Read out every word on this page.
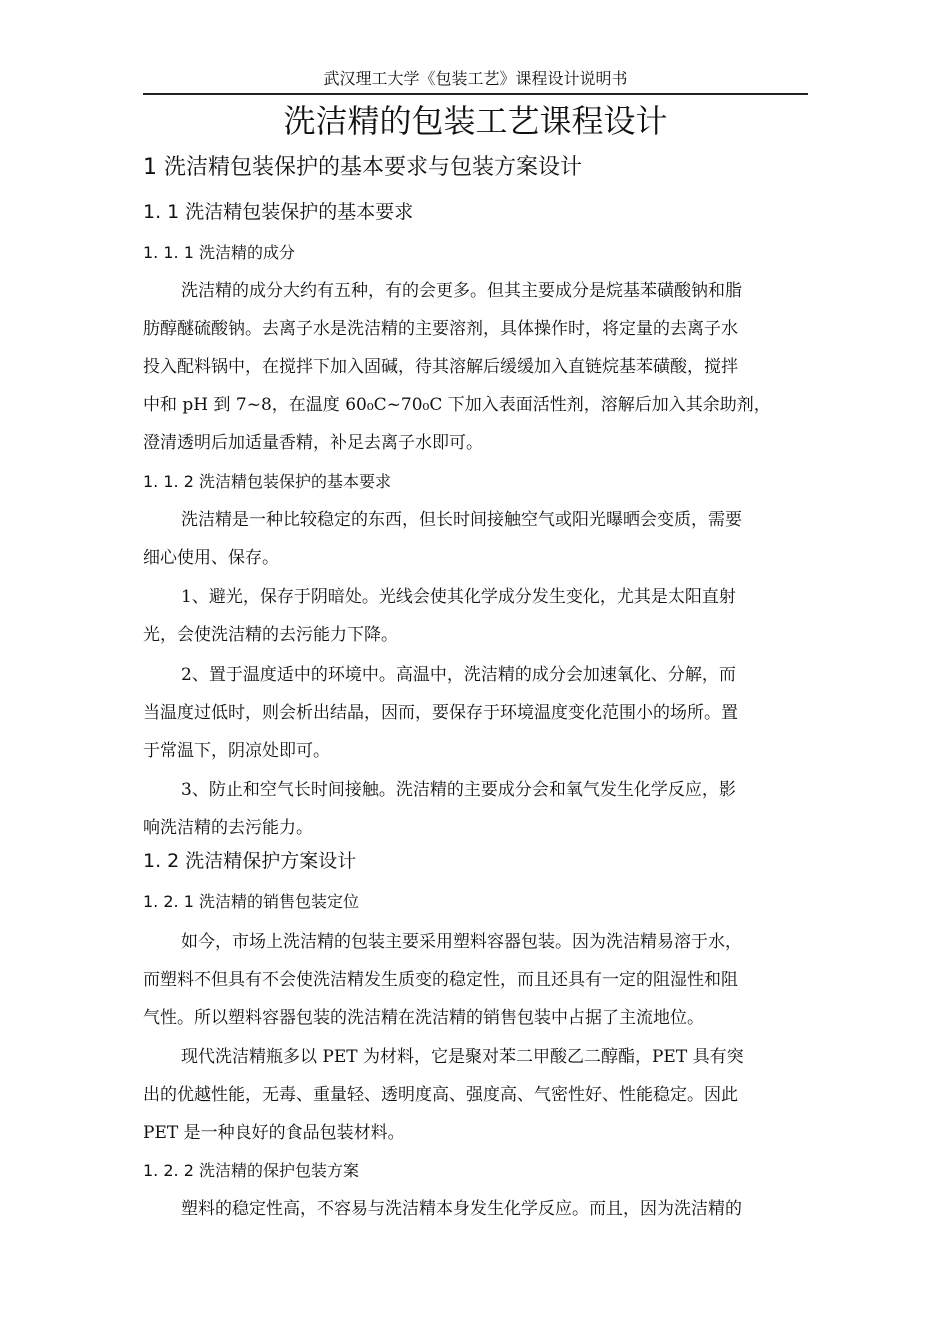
武汉理工大学《包装工艺》课程设计说明书
洗洁精的包装工艺课程设计
1 洗洁精包装保护的基本要求与包装方案设计
1. 1 洗洁精包装保护的基本要求
1. 1. 1 洗洁精的成分
洗洁精的成分大约有五种，有的会更多。但其主要成分是烷基苯磺酸钠和脂
肪醇醚硫酸钠。去离子水是洗洁精的主要溶剂，具体操作时，将定量的去离子水
投入配料锅中，在搅拌下加入固碱，待其溶解后缓缓加入直链烷基苯磺酸，搅拌
中和 pH 到 7~8，在温度 60₀C~70₀C 下加入表面活性剂，溶解后加入其余助剂，
澄清透明后加适量香精，补足去离子水即可。
1. 1. 2 洗洁精包装保护的基本要求
洗洁精是一种比较稳定的东西，但长时间接触空气或阳光曝晒会变质，需要
细心使用、保存。
1、避光，保存于阴暗处。光线会使其化学成分发生变化，尤其是太阳直射
光，会使洗洁精的去污能力下降。
2、置于温度适中的环境中。高温中，洗洁精的成分会加速氧化、分解，而
当温度过低时，则会析出结晶，因而，要保存于环境温度变化范围小的场所。置
于常温下，阴凉处即可。
3、防止和空气长时间接触。洗洁精的主要成分会和氧气发生化学反应，影
响洗洁精的去污能力。
1. 2 洗洁精保护方案设计
1. 2. 1 洗洁精的销售包装定位
如今，市场上洗洁精的包装主要采用塑料容器包装。因为洗洁精易溶于水，
而塑料不但具有不会使洗洁精发生质变的稳定性，而且还具有一定的阻湿性和阻
气性。所以塑料容器包装的洗洁精在洗洁精的销售包装中占据了主流地位。
现代洗洁精瓶多以 PET 为材料，它是聚对苯二甲酸乙二醇酯，PET 具有突
出的优越性能，无毒、重量轻、透明度高、强度高、气密性好、性能稳定。因此
PET 是一种良好的食品包装材料。
1. 2. 2 洗洁精的保护包装方案
塑料的稳定性高，不容易与洗洁精本身发生化学反应。而且，因为洗洁精的
